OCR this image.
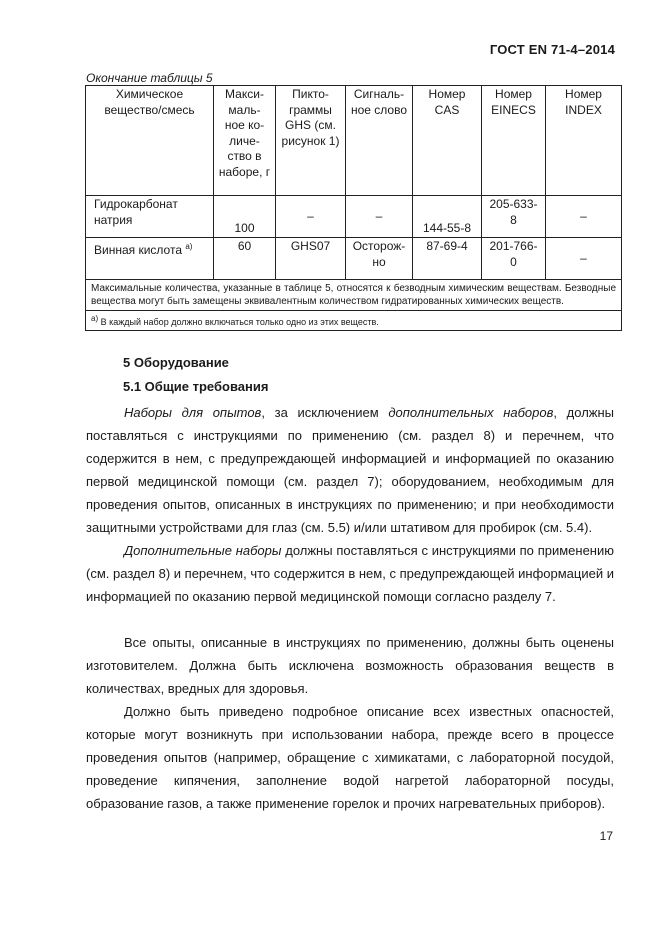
ГОСТ EN 71-4–2014
Окончание таблицы 5
Химическое вещество/смесь	Макси- маль- ное ко- личе- ство в наборе, г	Пикто- граммы GHS (см. рисунок 1)	Сигналь- ное слово	Номер CAS	Номер EINECS	Номер INDEX
Гидрокарбонат натрия	100	–	–	144-55-8	205-633- 8	–
Винная кислота $^{а)}$	60	GHS07	Осторож- но	87-69-4	201-766- 0	–
Максимальные количества, указанные в таблице 5, относятся к безводным химическим веществам. Безводные вещества могут быть замещены эквивалентным количеством гидратированных химических веществ.						
$^{а)}$ В каждый набор должно включаться только одно из этих веществ.						
5 Оборудование
5.1 Общие требования
Наборы для опытов, за исключением дополнительных наборов, должны поставляться с инструкциями по применению (см. раздел 8) и перечнем, что содержится в нем, с предупреждающей информацией и информацией по оказанию первой медицинской помощи (см. раздел 7); оборудованием, необходимым для проведения опытов, описанных в инструкциях по применению; и при необходимости защитными устройствами для глаз (см. 5.5) и/или штативом для пробирок (см. 5.4).
Дополнительные наборы должны поставляться с инструкциями по применению (см. раздел 8) и перечнем, что содержится в нем, с предупреждающей информацией и информацией по оказанию первой медицинской помощи согласно разделу 7.
Все опыты, описанные в инструкциях по применению, должны быть оценены изготовителем. Должна быть исключена возможность образования веществ в количествах, вредных для здоровья.
Должно быть приведено подробное описание всех известных опасностей, которые могут возникнуть при использовании набора, прежде всего в процессе проведения опытов (например, обращение с химикатами, с лабораторной посудой, проведение кипячения, заполнение водой нагретой лабораторной посуды, образование газов, а также применение горелок и прочих нагревательных приборов).
17
